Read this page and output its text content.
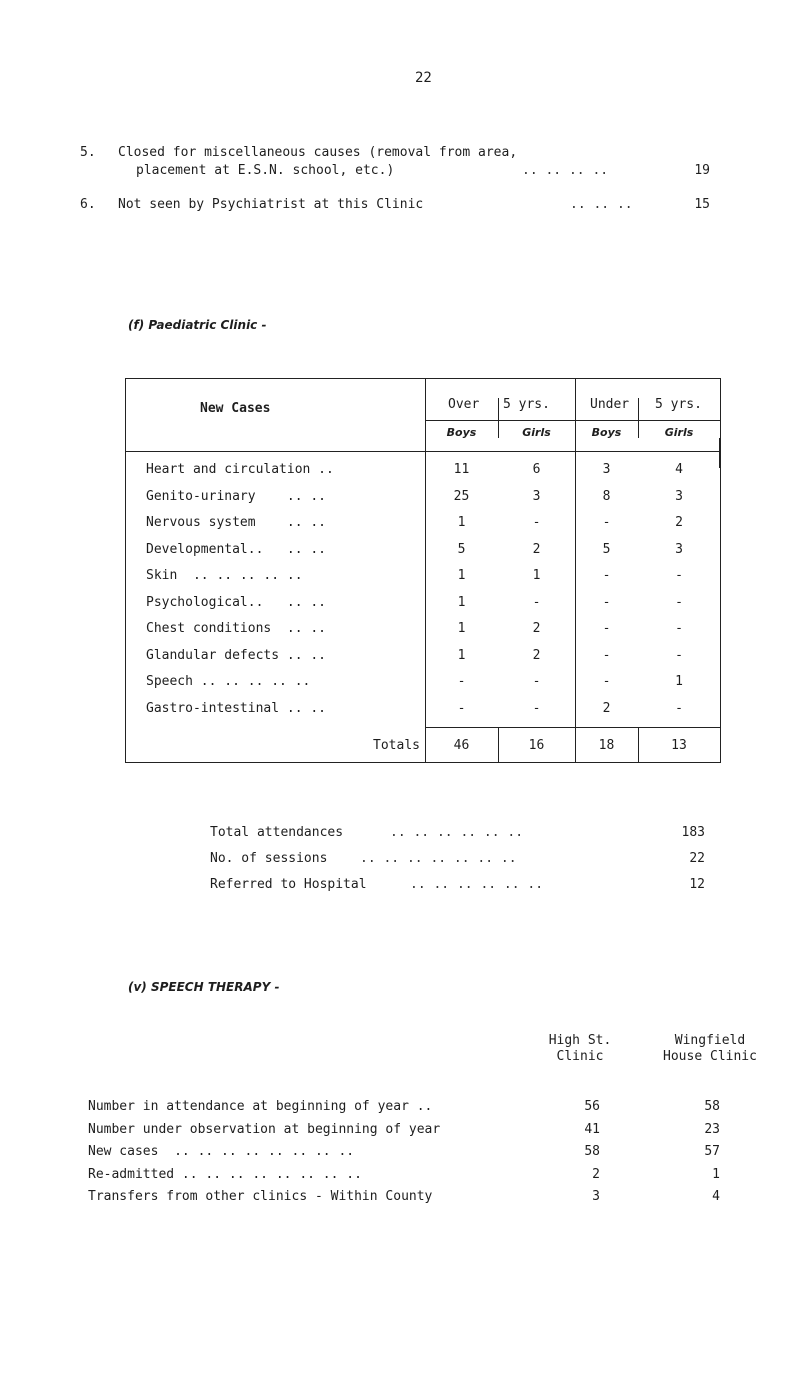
22
5. Closed for miscellaneous causes (removal from area,
placement at E.S.N. school, etc.)	.. .. .. ..	19
6. Not seen by Psychiatrist at this Clinic	.. .. ..	15
(f) Paediatric Clinic -
New Cases	Over	5 yrs.	Under	5 yrs.
Boys	Girls	Boys	Girls
Heart and circulation ..	11	6	3	4
Genito-urinary    .. ..	25	3	8	3
Nervous system    .. ..	1	-	-	2
Developmental..   .. ..	5	2	5	3
Skin  .. .. .. .. ..	1	1	-	-
Psychological..   .. ..	1	-	-	-
Chest conditions  .. ..	1	2	-	-
Glandular defects .. ..	1	2	-	-
Speech .. .. .. .. ..	-	-	-	1
Gastro-intestinal .. ..	-	-	2	-
Totals	46	16	18	13
Total attendances	.. .. .. .. .. ..	183
No. of sessions	.. .. .. .. .. .. ..	22
Referred to Hospital	.. .. .. .. .. ..	12
(v) SPEECH THERAPY -
High St.
Clinic
Wingfield
House Clinic
Number in attendance at beginning of year ..	56	58
Number under observation at beginning of year	41	23
New cases  .. .. .. .. .. .. .. ..	58	57
Re-admitted .. .. .. .. .. .. .. ..	2	1
Transfers from other clinics - Within County	3	4
